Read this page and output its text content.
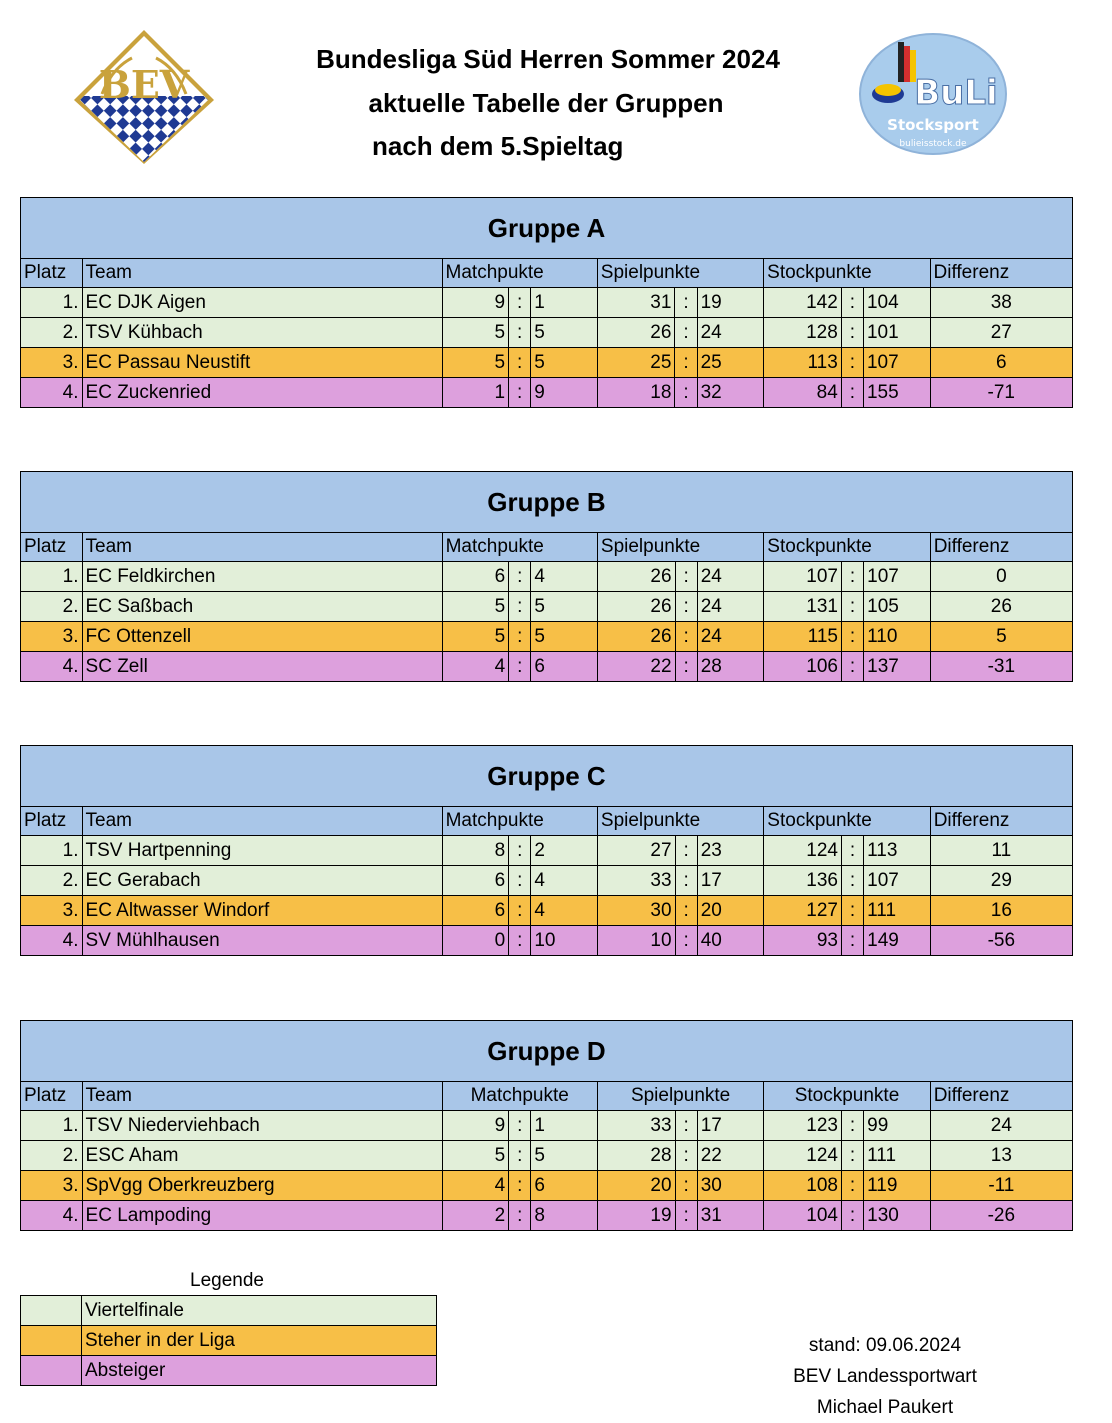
Bundesliga Süd Herren Sommer 2024
aktuelle Tabelle der Gruppen
nach dem 5.Spieltag
BEV	BuLi
Stocksport
bulieisstock.de
Gruppe A											
Platz	Team	Matchpukte			Spielpunkte			Stockpunkte			Differenz
1.	EC DJK Aigen	9	:	1	31	:	19	142	:	104	38
2.	TSV Kühbach	5	:	5	26	:	24	128	:	101	27
3.	EC Passau Neustift	5	:	5	25	:	25	113	:	107	6
4.	EC Zuckenried	1	:	9	18	:	32	84	:	155	-71
Gruppe B											
Platz	Team	Matchpukte			Spielpunkte			Stockpunkte			Differenz
1.	EC Feldkirchen	6	:	4	26	:	24	107	:	107	0
2.	EC Saßbach	5	:	5	26	:	24	131	:	105	26
3.	FC Ottenzell	5	:	5	26	:	24	115	:	110	5
4.	SC Zell	4	:	6	22	:	28	106	:	137	-31
Gruppe C											
Platz	Team	Matchpukte			Spielpunkte			Stockpunkte			Differenz
1.	TSV Hartpenning	8	:	2	27	:	23	124	:	113	11
2.	EC Gerabach	6	:	4	33	:	17	136	:	107	29
3.	EC Altwasser Windorf	6	:	4	30	:	20	127	:	111	16
4.	SV Mühlhausen	0	:	10	10	:	40	93	:	149	-56
Gruppe D											
Platz	Team	Matchpukte			Spielpunkte			Stockpunkte			Differenz
1.	TSV Niederviehbach	9	:	1	33	:	17	123	:	99	24
2.	ESC Aham	5	:	5	28	:	22	124	:	111	13
3.	SpVgg Oberkreuzberg	4	:	6	20	:	30	108	:	119	-11
4.	EC Lampoding	2	:	8	19	:	31	104	:	130	-26
Legende
	Viertelfinale
	Steher in der Liga
	Absteiger
stand: 09.06.2024
BEV Landessportwart
Michael Paukert
